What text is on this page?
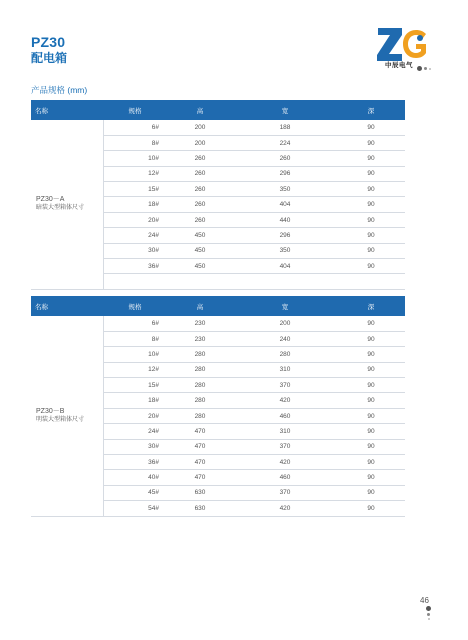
PZ30
配电箱
中辰电气
产品规格 (mm)
名称	规格	高	宽	深

PZ30－A
暗装大型箱体尺寸	6#	200	188	90
	8#	200	224	90
	10#	260	260	90
	12#	260	296	90
	15#	260	350	90
	18#	260	404	90
	20#	260	440	90
	24#	450	296	90
	30#	450	350	90
	36#	450	404	90

名称	规格	高	宽	深

PZ30－B
明装大型箱体尺寸	6#	230	200	90
	8#	230	240	90
	10#	280	280	90
	12#	280	310	90
	15#	280	370	90
	18#	280	420	90
	20#	280	460	90
	24#	470	310	90
	30#	470	370	90
	36#	470	420	90
	40#	470	460	90
	45#	630	370	90
	54#	630	420	90
46
